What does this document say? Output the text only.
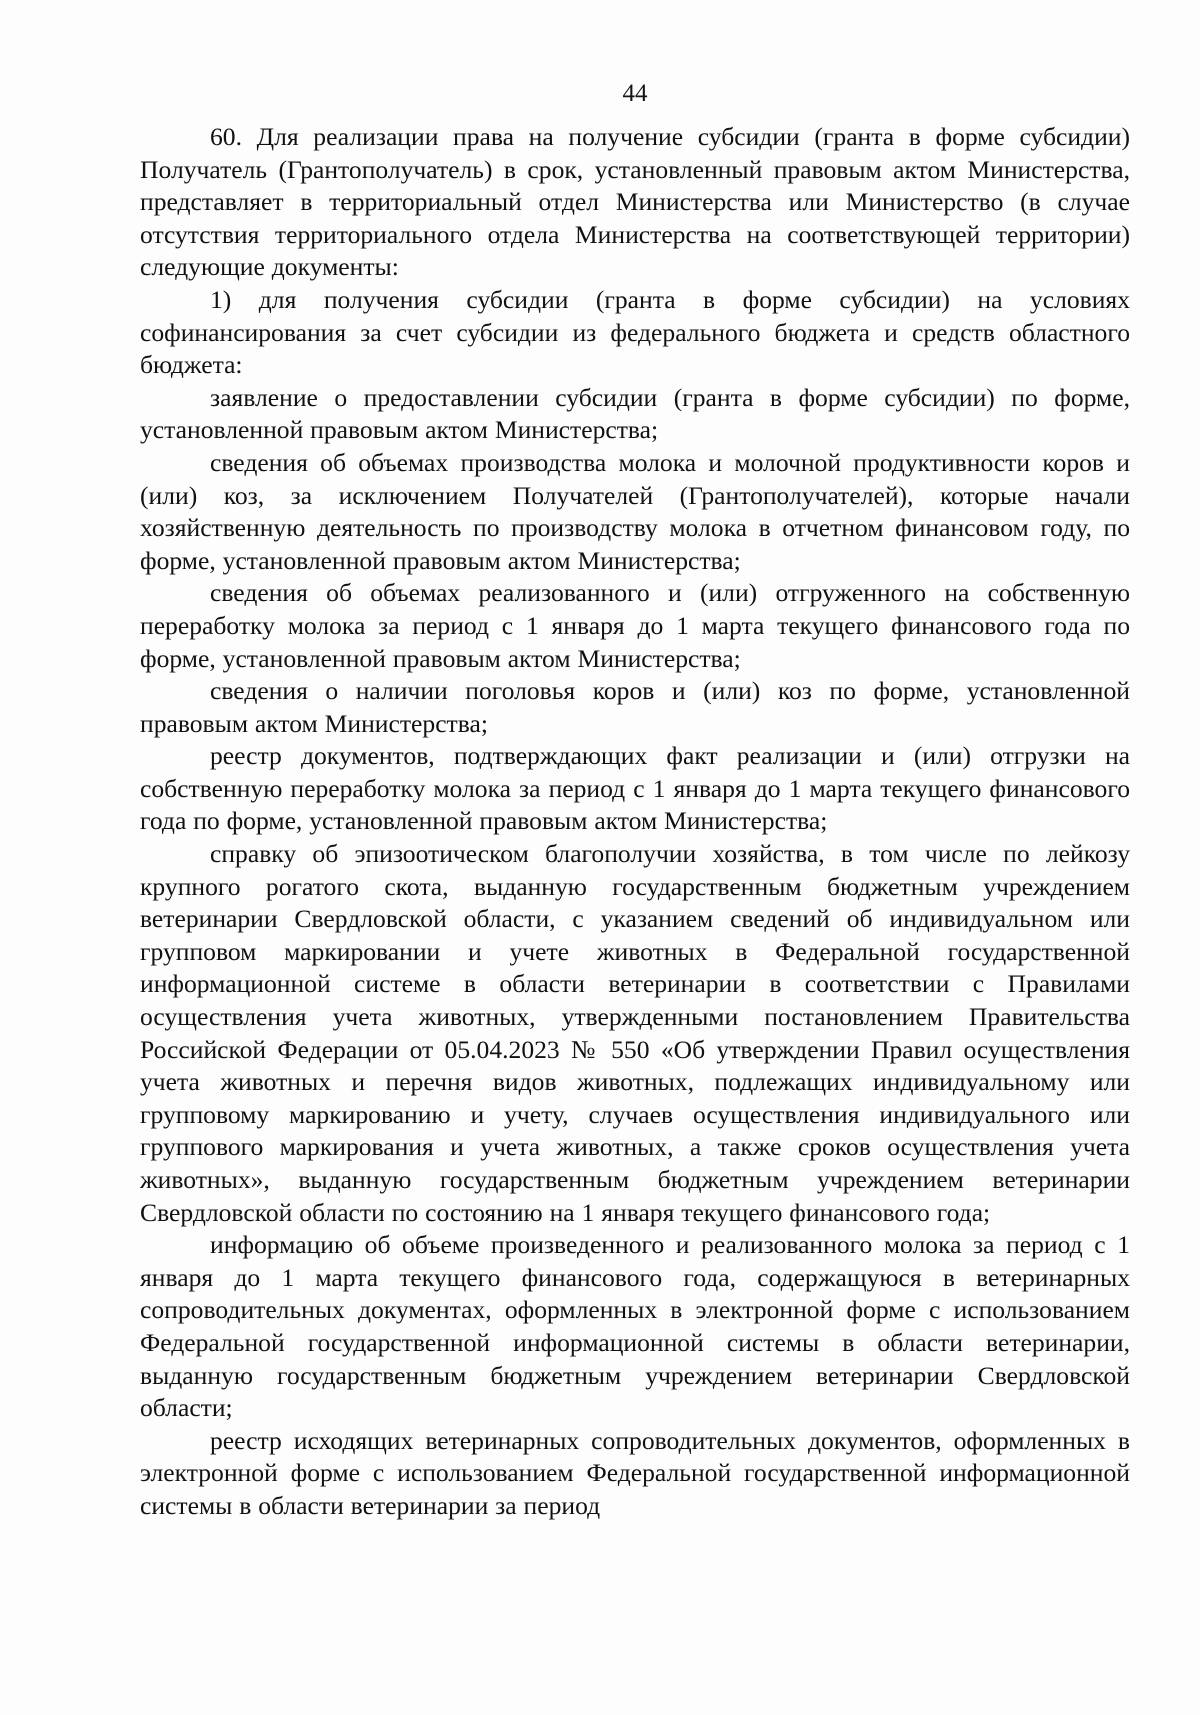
44

60. Для реализации права на получение субсидии (гранта в форме субсидии) Получатель (Грантополучатель) в срок, установленный правовым актом Министерства, представляет в территориальный отдел Министерства или Министерство (в случае отсутствия территориального отдела Министерства на соответствующей территории) следующие документы:

1) для получения субсидии (гранта в форме субсидии) на условиях софинансирования за счет субсидии из федерального бюджета и средств областного бюджета:

заявление о предоставлении субсидии (гранта в форме субсидии) по форме, установленной правовым актом Министерства;

сведения об объемах производства молока и молочной продуктивности коров и (или) коз, за исключением Получателей (Грантополучателей), которые начали хозяйственную деятельность по производству молока в отчетном финансовом году, по форме, установленной правовым актом Министерства;

сведения об объемах реализованного и (или) отгруженного на собственную переработку молока за период с 1 января до 1 марта текущего финансового года по форме, установленной правовым актом Министерства;

сведения о наличии поголовья коров и (или) коз по форме, установленной правовым актом Министерства;

реестр документов, подтверждающих факт реализации и (или) отгрузки на собственную переработку молока за период с 1 января до 1 марта текущего финансового года по форме, установленной правовым актом Министерства;

справку об эпизоотическом благополучии хозяйства, в том числе по лейкозу крупного рогатого скота, выданную государственным бюджетным учреждением ветеринарии Свердловской области, с указанием сведений об индивидуальном или групповом маркировании и учете животных в Федеральной государственной информационной системе в области ветеринарии в соответствии с Правилами осуществления учета животных, утвержденными постановлением Правительства Российской Федерации от 05.04.2023 № 550 «Об утверждении Правил осуществления учета животных и перечня видов животных, подлежащих индивидуальному или групповому маркированию и учету, случаев осуществления индивидуального или группового маркирования и учета животных, а также сроков осуществления учета животных», выданную государственным бюджетным учреждением ветеринарии Свердловской области по состоянию на 1 января текущего финансового года;

информацию об объеме произведенного и реализованного молока за период с 1 января до 1 марта текущего финансового года, содержащуюся в ветеринарных сопроводительных документах, оформленных в электронной форме с использованием Федеральной государственной информационной системы в области ветеринарии, выданную государственным бюджетным учреждением ветеринарии Свердловской области;

реестр исходящих ветеринарных сопроводительных документов, оформленных в электронной форме с использованием Федеральной государственной информационной системы в области ветеринарии за период
